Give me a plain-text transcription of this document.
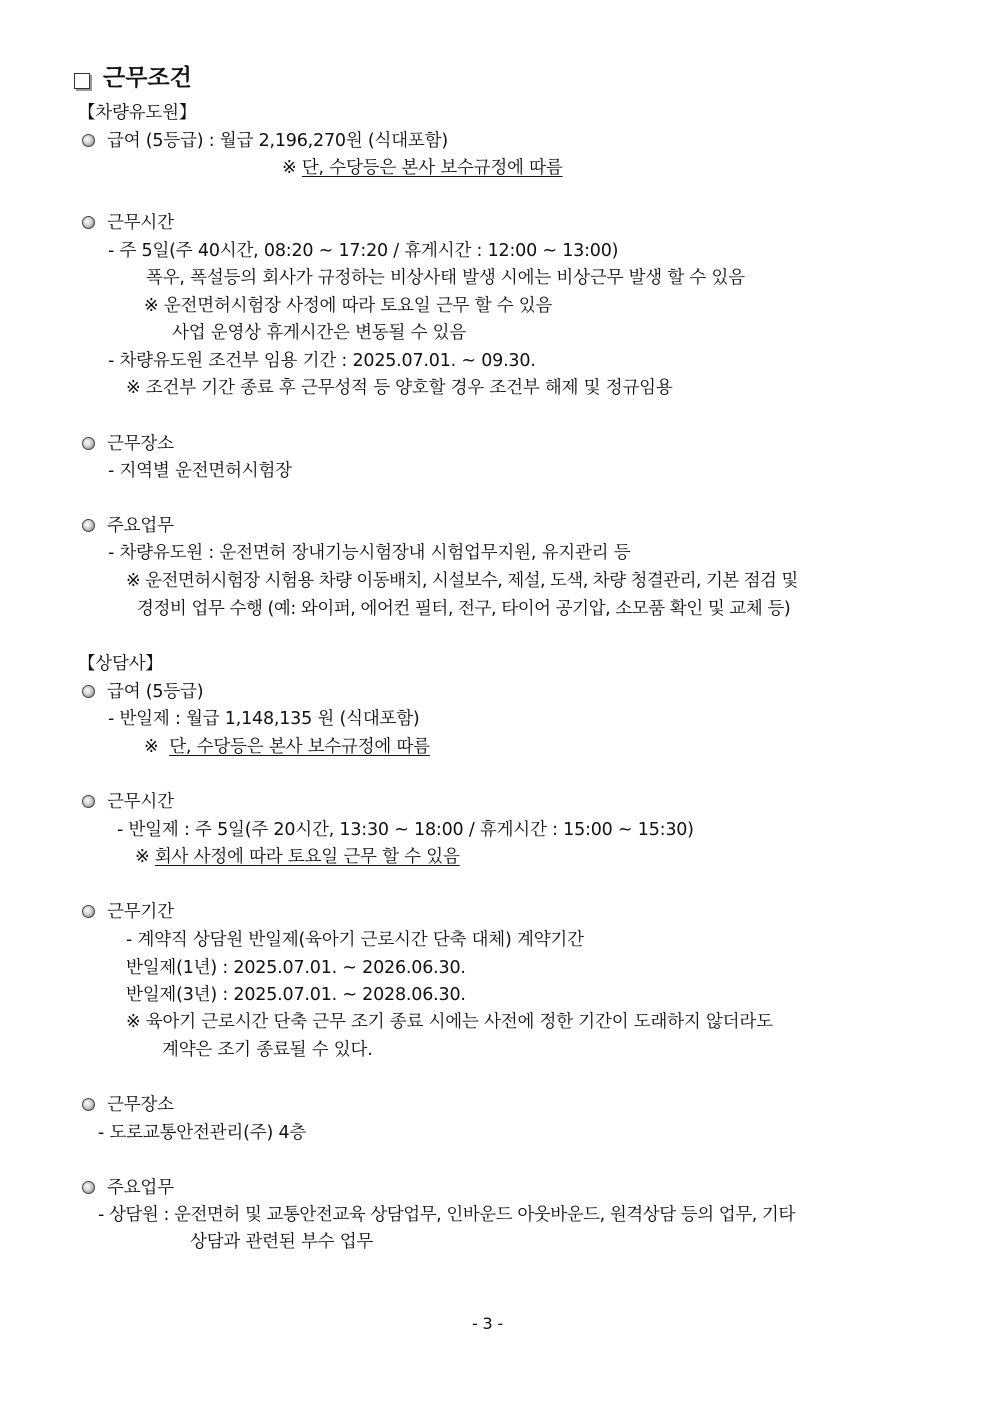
근무조건
【차량유도원】
급여 (5등급) : 월급 2,196,270원 (식대포함)
※ 단, 수당등은 본사 보수규정에 따름
근무시간
- 주 5일(주 40시간, 08:20 ~ 17:20 / 휴게시간 : 12:00 ~ 13:00)
폭우, 폭설등의 회사가 규정하는 비상사태 발생 시에는 비상근무 발생 할 수 있음
※ 운전면허시험장 사정에 따라 토요일 근무 할 수 있음
사업 운영상 휴게시간은 변동될 수 있음
- 차량유도원 조건부 임용 기간 : 2025.07.01. ~ 09.30.
※ 조건부 기간 종료 후 근무성적 등 양호할 경우 조건부 해제 및 정규임용
근무장소
- 지역별 운전면허시험장
주요업무
- 차량유도원 : 운전면허 장내기능시험장내 시험업무지원, 유지관리 등
※ 운전면허시험장 시험용 차량 이동배치, 시설보수, 제설, 도색, 차량 청결관리, 기본 점검 및
경정비 업무 수행 (예: 와이퍼, 에어컨 필터, 전구, 타이어 공기압, 소모품 확인 및 교체 등)
【상담사】
급여 (5등급)
- 반일제 : 월급 1,148,135 원 (식대포함)
※ 단, 수당등은 본사 보수규정에 따름
근무시간
- 반일제 : 주 5일(주 20시간, 13:30 ~ 18:00 / 휴게시간 : 15:00 ~ 15:30)
※ 회사 사정에 따라 토요일 근무 할 수 있음
근무기간
- 계약직 상담원 반일제(육아기 근로시간 단축 대체) 계약기간
반일제(1년) : 2025.07.01. ~ 2026.06.30.
반일제(3년) : 2025.07.01. ~ 2028.06.30.
※ 육아기 근로시간 단축 근무 조기 종료 시에는 사전에 정한 기간이 도래하지 않더라도
계약은 조기 종료될 수 있다.
근무장소
- 도로교통안전관리(주) 4층
주요업무
- 상담원 : 운전면허 및 교통안전교육 상담업무, 인바운드 아웃바운드, 원격상담 등의 업무, 기타
상담과 관련된 부수 업무
- 3 -
